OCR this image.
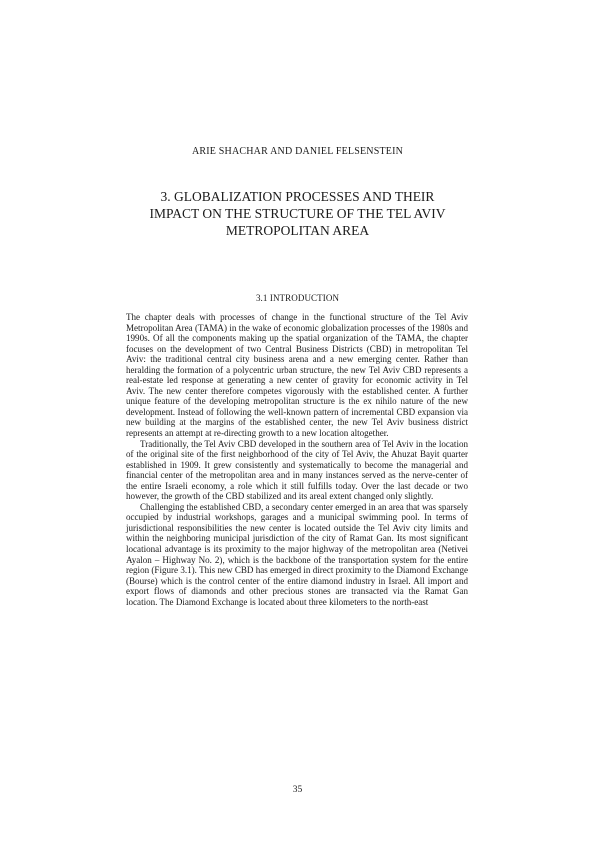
ARIE SHACHAR AND DANIEL FELSENSTEIN
3. GLOBALIZATION PROCESSES AND THEIR
IMPACT ON THE STRUCTURE OF THE TEL AVIV
METROPOLITAN AREA
3.1 INTRODUCTION

The chapter deals with processes of change in the functional structure of the Tel Aviv Metropolitan Area (TAMA) in the wake of economic globalization processes of the 1980s and 1990s. Of all the components making up the spatial organization of the TAMA, the chapter focuses on the development of two Central Business Districts (CBD) in metropolitan Tel Aviv: the traditional central city business arena and a new emerging center. Rather than heralding the formation of a polycentric urban structure, the new Tel Aviv CBD represents a real-estate led response at generating a new center of gravity for economic activity in Tel Aviv. The new center therefore competes vigorously with the established center. A further unique feature of the developing metropolitan structure is the ex nihilo nature of the new development. Instead of following the well-known pattern of incremental CBD expansion via new building at the margins of the established center, the new Tel Aviv business district represents an attempt at re-directing growth to a new location altogether.

Traditionally, the Tel Aviv CBD developed in the southern area of Tel Aviv in the location of the original site of the first neighborhood of the city of Tel Aviv, the Ahuzat Bayit quarter established in 1909. It grew consistently and systematically to become the managerial and financial center of the metropolitan area and in many instances served as the nerve-center of the entire Israeli economy, a role which it still fulfills today. Over the last decade or two however, the growth of the CBD stabilized and its areal extent changed only slightly.

Challenging the established CBD, a secondary center emerged in an area that was sparsely occupied by industrial workshops, garages and a municipal swimming pool. In terms of jurisdictional responsibilities the new center is located outside the Tel Aviv city limits and within the neighboring municipal jurisdiction of the city of Ramat Gan. Its most significant locational advantage is its proximity to the major highway of the metropolitan area (Netivei Ayalon – Highway No. 2), which is the backbone of the transportation system for the entire region (Figure 3.1). This new CBD has emerged in direct proximity to the Diamond Exchange (Bourse) which is the control center of the entire diamond industry in Israel. All import and export flows of diamonds and other precious stones are transacted via the Ramat Gan location. The Diamond Exchange is located about three kilometers to the north-east

35
